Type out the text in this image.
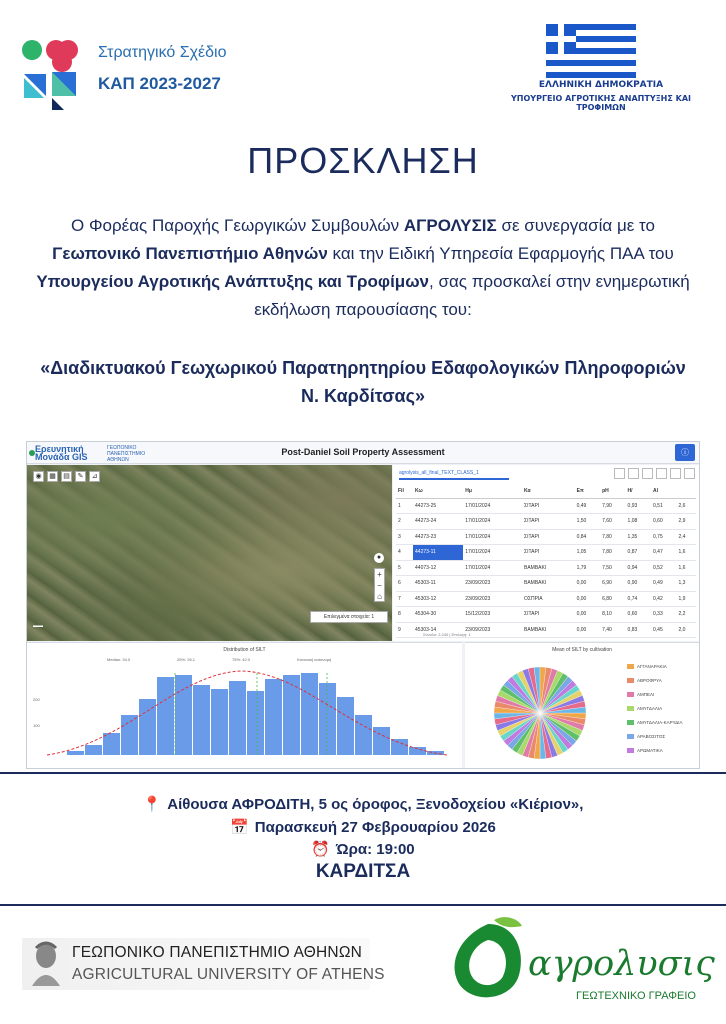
Στρατηγικό Σχέδιο
ΚΑΠ 2023-2027	ΕΛΛΗΝΙΚΗ ΔΗΜΟΚΡΑΤΙΑ
ΥΠΟΥΡΓΕΙΟ ΑΓΡΟΤΙΚΗΣ ΑΝΑΠΤΥΞΗΣ ΚΑΙ ΤΡΟΦΙΜΩΝ
ΠΡΟΣΚΛΗΣΗ
Ο Φορέας Παροχής Γεωργικών Συμβουλών ΑΓΡΟΛΥΣΙΣ σε συνεργασία με το Γεωπονικό Πανεπιστήμιο Αθηνών και την Ειδική Υπηρεσία Εφαρμογής ΠΑΑ του Υπουργείου Αγροτικής Ανάπτυξης και Τροφίμων, σας προσκαλεί στην ενημερωτική εκδήλωση παρουσίασης του:
«Διαδικτυακού Γεωχωρικού Παρατηρητηρίου Εδαφολογικών Πληροφοριών Ν. Καρδίτσας»
Ερευνητική Μονάδα GIS
ΓΕΩΠΟΝΙΚΟ ΠΑΝΕΠΙΣΤΗΜΙΟ ΑΘΗΝΩΝ
Post-Daniel Soil Property Assessment	ⓘ
◉	▦	▤	✎	⊿
●
+
−
⌂
Επιλεγμένα στοιχεία: 1
▬▬
agrolysis_all_final_TEXT_CLASS_1
Fil	Κω	Ημ	Κα	Επ	pH	H/	Al	
1	44273-25	17/01/2024	ΣΙΤΑΡΙ	0,49	7,90	0,93	0,51	2,6
2	44273-24	17/01/2024	ΣΙΤΑΡΙ	1,50	7,60	1,08	0,60	2,9
3	44273-23	17/01/2024	ΣΙΤΑΡΙ	0,84	7,80	1,35	0,75	2,4
4	44273-11	17/01/2024	ΣΙΤΑΡΙ	1,05	7,80	0,87	0,47	1,6
5	44073-12	17/01/2024	ΒΑΜΒΑΚΙ	1,79	7,50	0,94	0,52	1,6
6	45303-11	23/09/2023	ΒΑΜΒΑΚΙ	0,00	6,90	0,90	0,49	1,3
7	45303-12	23/09/2023	ΟΣΠΡΙΑ	0,00	6,80	0,74	0,42	1,9
8	45304-30	15/12/2023	ΣΙΤΑΡΙ	0,00	8,10	0,60	0,33	2,2
9	45303-14	23/09/2023	ΒΑΜΒΑΚΙ	0,00	7,40	0,83	0,45	2,0
Σύνολο: 2.240 | Επιλογή: 1
Distribution of SILT
Median: 34.0	25%: 26.1	75%: 42.0	Κανονική κατανομή
200
100
Mean of SILT by cultivation
ΑΓΓΑΝΑΡΑΚΙΑ
ΑΒΡΟΦΡΥΑ
ΑΜΠΕΛΙ
ΑΜΥΓΔΑΛΙΑ
ΑΜΥΓΔΑΛΙΑ-ΚΑΡΥΔΙΑ
ΑΡΑΒΟΣΙΤΟΣ
ΑΡΩΜΑΤΙΚΑ
📍 Αίθουσα ΑΦΡΟΔΙΤΗ, 5 ος όροφος, Ξενοδοχείου «Κιέριον»,
📅 Παρασκευή 27 Φεβρουαρίου 2026
⏰ Ώρα: 19:00
ΚΑΡΔΙΤΣΑ
ΓΕΩΠΟΝΙΚΟ ΠΑΝΕΠΙΣΤΗΜΙΟ ΑΘΗΝΩΝ
AGRICULTURAL UNIVERSITY OF ATHENS	αγρολυσις
ΓΕΩΤΕΧΝΙΚΟ ΓΡΑΦΕΙΟ
